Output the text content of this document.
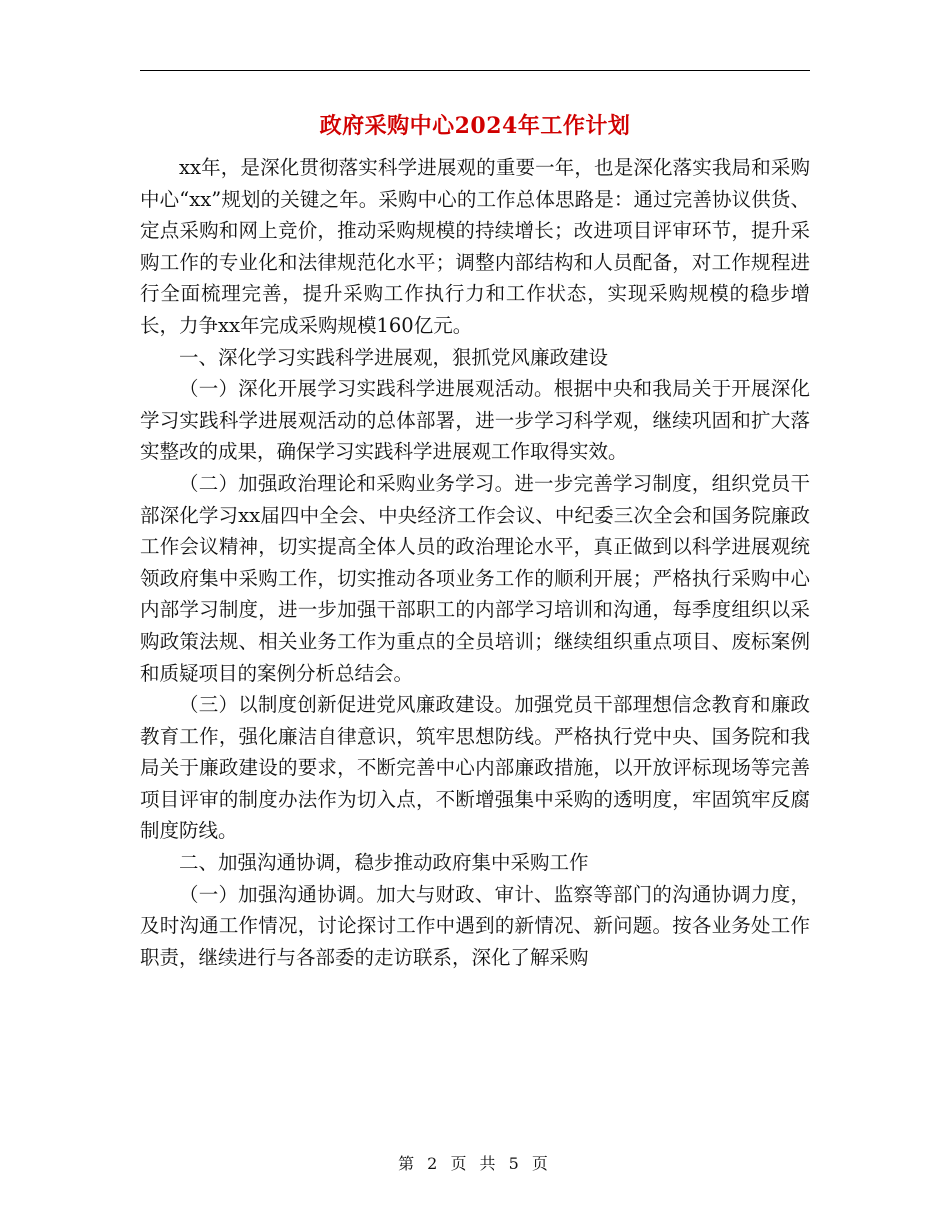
政府采购中心2024年工作计划

xx年，是深化贯彻落实科学进展观的重要一年，也是深化落实我局和采购中心“xx”规划的关键之年。采购中心的工作总体思路是：通过完善协议供货、定点采购和网上竞价，推动采购规模的持续增长；改进项目评审环节，提升采购工作的专业化和法律规范化水平；调整内部结构和人员配备，对工作规程进行全面梳理完善，提升采购工作执行力和工作状态，实现采购规模的稳步增长，力争xx年完成采购规模160亿元。

一、深化学习实践科学进展观，狠抓党风廉政建设

（一）深化开展学习实践科学进展观活动。根据中央和我局关于开展深化学习实践科学进展观活动的总体部署，进一步学习科学观，继续巩固和扩大落实整改的成果，确保学习实践科学进展观工作取得实效。

（二）加强政治理论和采购业务学习。进一步完善学习制度，组织党员干部深化学习xx届四中全会、中央经济工作会议、中纪委三次全会和国务院廉政工作会议精神，切实提高全体人员的政治理论水平，真正做到以科学进展观统领政府集中采购工作，切实推动各项业务工作的顺利开展；严格执行采购中心内部学习制度，进一步加强干部职工的内部学习培训和沟通，每季度组织以采购政策法规、相关业务工作为重点的全员培训；继续组织重点项目、废标案例和质疑项目的案例分析总结会。

（三）以制度创新促进党风廉政建设。加强党员干部理想信念教育和廉政教育工作，强化廉洁自律意识，筑牢思想防线。严格执行党中央、国务院和我局关于廉政建设的要求，不断完善中心内部廉政措施，以开放评标现场等完善项目评审的制度办法作为切入点，不断增强集中采购的透明度，牢固筑牢反腐制度防线。

二、加强沟通协调，稳步推动政府集中采购工作

（一）加强沟通协调。加大与财政、审计、监察等部门的沟通协调力度，及时沟通工作情况，讨论探讨工作中遇到的新情况、新问题。按各业务处工作职责，继续进行与各部委的走访联系，深化了解采购

第 2 页 共 5 页
